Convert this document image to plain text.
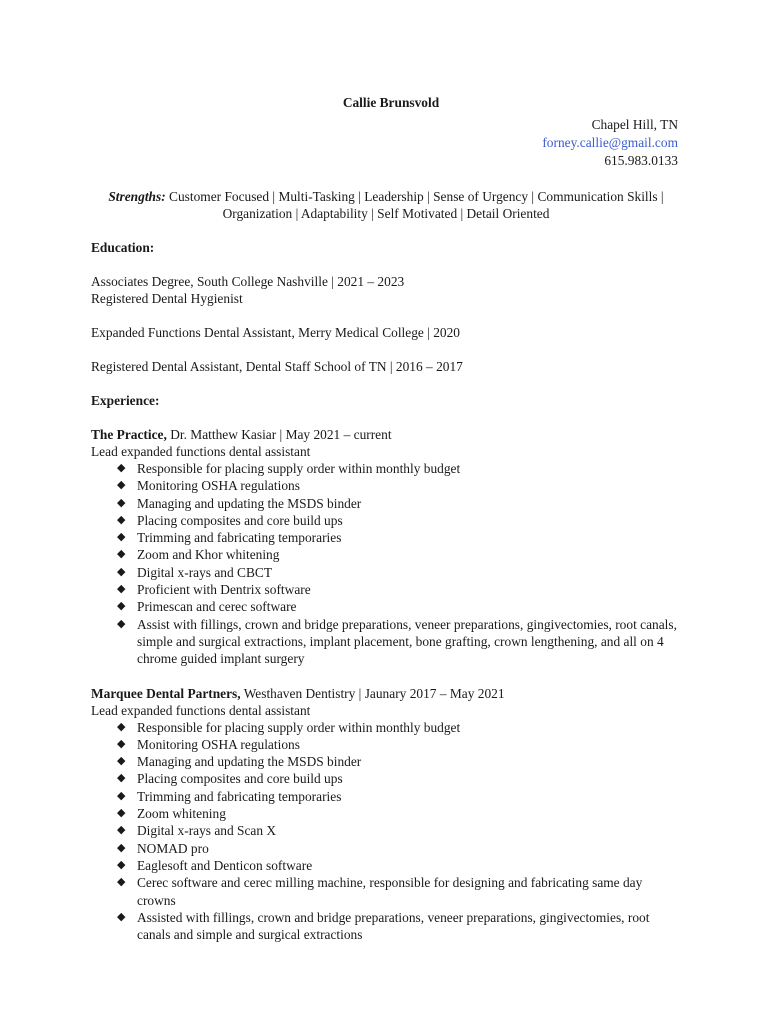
Callie Brunsvold
Chapel Hill, TN
forney.callie@gmail.com
615.983.0133
Strengths: Customer Focused | Multi-Tasking | Leadership | Sense of Urgency | Communication Skills |
Organization | Adaptability | Self Motivated | Detail Oriented
Education:
Associates Degree, South College Nashville | 2021 – 2023
Registered Dental Hygienist
Expanded Functions Dental Assistant, Merry Medical College | 2020
Registered Dental Assistant, Dental Staff School of TN | 2016 – 2017
Experience:
The Practice, Dr. Matthew Kasiar | May 2021 – current
Lead expanded functions dental assistant
◆ Responsible for placing supply order within monthly budget
◆ Monitoring OSHA regulations
◆ Managing and updating the MSDS binder
◆ Placing composites and core build ups
◆ Trimming and fabricating temporaries
◆ Zoom and Khor whitening
◆ Digital x-rays and CBCT
◆ Proficient with Dentrix software
◆ Primescan and cerec software
◆ Assist with fillings, crown and bridge preparations, veneer preparations, gingivectomies, root canals, simple and surgical extractions, implant placement, bone grafting, crown lengthening, and all on 4 chrome guided implant surgery
Marquee Dental Partners, Westhaven Dentistry | Jaunary 2017 – May 2021
Lead expanded functions dental assistant
◆ Responsible for placing supply order within monthly budget
◆ Monitoring OSHA regulations
◆ Managing and updating the MSDS binder
◆ Placing composites and core build ups
◆ Trimming and fabricating temporaries
◆ Zoom whitening
◆ Digital x-rays and Scan X
◆ NOMAD pro
◆ Eaglesoft and Denticon software
◆ Cerec software and cerec milling machine, responsible for designing and fabricating same day crowns
◆ Assisted with fillings, crown and bridge preparations, veneer preparations, gingivectomies, root canals and simple and surgical extractions
